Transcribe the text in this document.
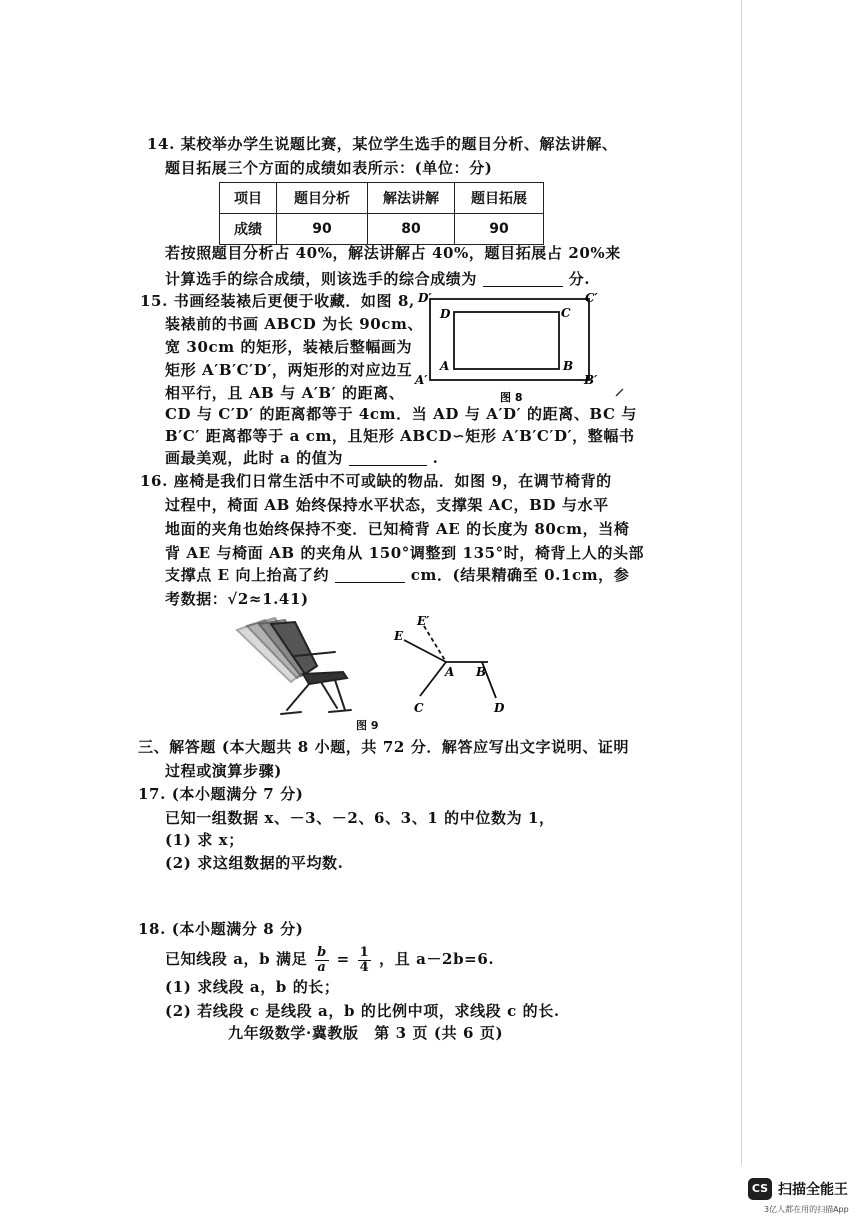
14. 某校举办学生说题比赛，某位学生选手的题目分析、解法讲解、
题目拓展三个方面的成绩如表所示：(单位：分)
项目	题目分析	解法讲解	题目拓展
成绩	90	80	90
若按照题目分析占 40%，解法讲解占 40%，题目拓展占 20%来
计算选手的综合成绩，则该选手的综合成绩为	分.
15. 书画经装裱后更便于收藏．如图 8,
装裱前的书画 ABCD 为长 90cm、
宽 30cm 的矩形，装裱后整幅画为
矩形 A′B′C′D′，两矩形的对应边互
相平行，且 AB 与 A′B′ 的距离、
CD 与 C′D′ 的距离都等于 4cm．当 AD 与 A′D′ 的距离、BC 与
B′C′ 距离都等于 a cm，且矩形 ABCD∽矩形 A′B′C′D′，整幅书
画最美观，此时 a 的值为	.
D′	C′
D	C
A	B
A′	B′
图 8
16. 座椅是我们日常生活中不可或缺的物品．如图 9，在调节椅背的
过程中，椅面 AB 始终保持水平状态，支撑架 AC，BD 与水平
地面的夹角也始终保持不变．已知椅背 AE 的长度为 80cm，当椅
背 AE 与椅面 AB 的夹角从 150°调整到 135°时，椅背上人的头部
支撑点 E 向上抬高了约	cm．(结果精确至 0.1cm，参
考数据：√2≈1.41)
E
E′
A B
C	D
图 9
三、解答题 (本大题共 8 小题，共 72 分．解答应写出文字说明、证明
过程或演算步骤)
17. (本小题满分 7 分)
已知一组数据 x、－3、－2、6、3、1 的中位数为 1，
(1) 求 x；
(2) 求这组数据的平均数.
18. (本小题满分 8 分)
已知线段 a，b 满足 $\frac{b}{a} = \frac{1}{4}$ ，且 a－2b=6.
(1) 求线段 a，b 的长；
(2) 若线段 c 是线段 a，b 的比例中项，求线段 c 的长.
九年级数学·冀教版　第 3 页 (共 6 页)
CS 扫描全能王
3亿人都在用的扫描App
